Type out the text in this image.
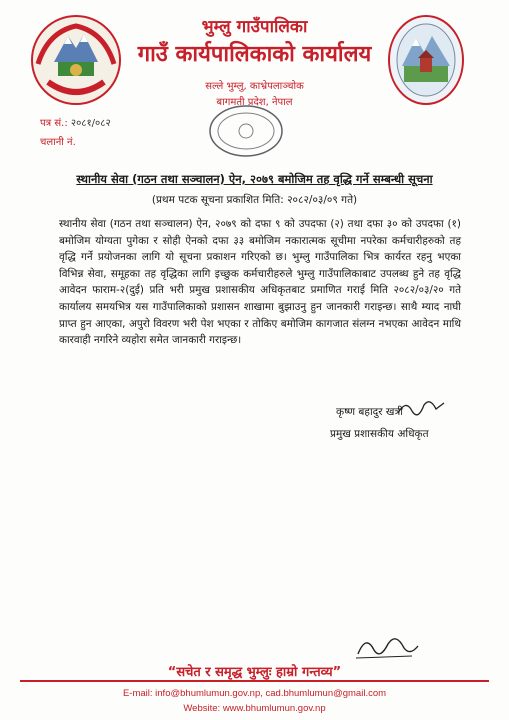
भुम्लु गाउँपालिका
गाउँ कार्यपालिकाको कार्यालय
सल्ले भुम्लु, काभ्रेपलाञ्चोक
बागमती प्रदेश, नेपाल
पत्र सं.: २०८१/०८२
चलानी नं.
स्थानीय सेवा (गठन तथा सञ्चालन) ऐन, २०७९ बमोजिम तह वृद्धि गर्ने सम्बन्धी सूचना
(प्रथम पटक सूचना प्रकाशित मिति: २०८२/०३/०९ गते)

स्थानीय सेवा (गठन तथा सञ्चालन) ऐन, २०७९ को दफा ९ को उपदफा (२) तथा दफा ३० को उपदफा (१) बमोजिम योग्यता पुगेका र सोही ऐनको दफा ३३ बमोजिम नकारात्मक सूचीमा नपरेका कर्मचारीहरुको तह वृद्धि गर्ने प्रयोजनका लागि यो सूचना प्रकाशन गरिएको छ। भुम्लु गाउँपालिका भित्र कार्यरत रहनु भएका विभिन्न सेवा, समूहका तह वृद्धिका लागि इच्छुक कर्मचारीहरुले भुम्लु गाउँपालिकाबाट उपलब्ध हुने तह वृद्धि आवेदन फाराम-२(दुई) प्रति भरी प्रमुख प्रशासकीय अधिकृतबाट प्रमाणित गराई मिति २०८२/०३/२० गते कार्यालय समयभित्र यस गाउँपालिकाको प्रशासन शाखामा बुझाउनु हुन जानकारी गराइन्छ। साथै म्याद नाघी प्राप्त हुन आएका, अपुरो विवरण भरी पेश भएका र तोकिए बमोजिम कागजात संलग्न नभएका आवेदन माथि कारवाही नगरिने व्यहोरा समेत जानकारी गराइन्छ।

कृष्ण बहादुर खत्री
प्रमुख प्रशासकीय अधिकृत
“सचेत र समृद्ध भुम्लुः हाम्रो गन्तव्य”
E-mail: info@bhumlumun.gov.np, cad.bhumlumun@gmail.com
Website: www.bhumlumun.gov.np
